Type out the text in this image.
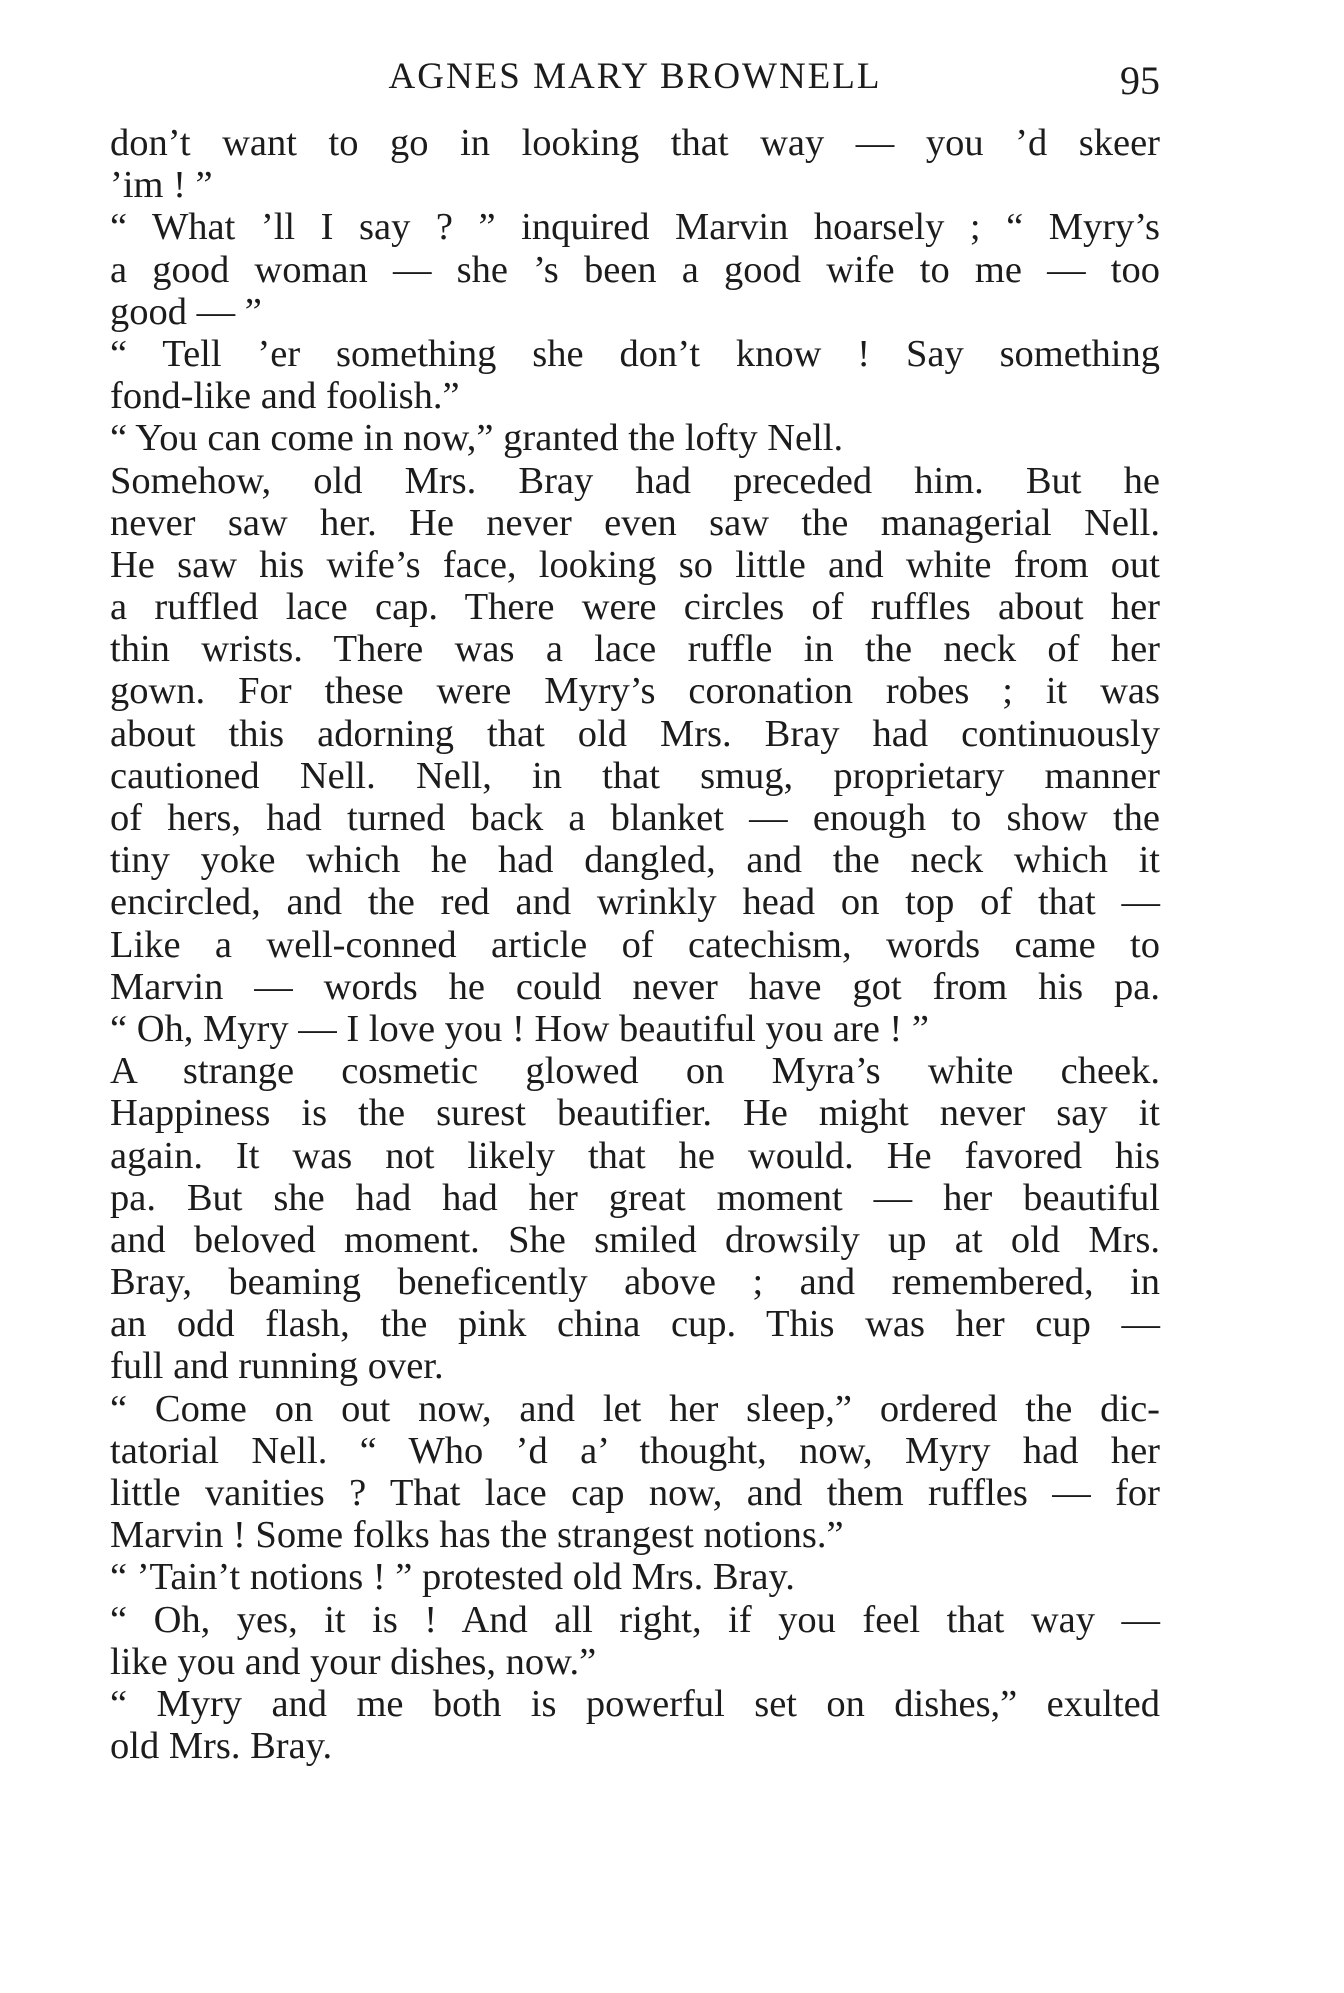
AGNES MARY BROWNELL	95
don’t want to go in looking that way — you ’d skeer
’im ! ”
“ What ’ll I say ? ” inquired Marvin hoarsely ; “ Myry’s
a good woman — she ’s been a good wife to me — too
good — ”
“ Tell ’er something she don’t know ! Say something
fond-like and foolish.”
“ You can come in now,” granted the lofty Nell.
Somehow, old Mrs. Bray had preceded him. But he
never saw her. He never even saw the managerial Nell.
He saw his wife’s face, looking so little and white from out
a ruffled lace cap. There were circles of ruffles about her
thin wrists. There was a lace ruffle in the neck of her
gown. For these were Myry’s coronation robes ; it was
about this adorning that old Mrs. Bray had continuously
cautioned Nell. Nell, in that smug, proprietary manner
of hers, had turned back a blanket — enough to show the
tiny yoke which he had dangled, and the neck which it
encircled, and the red and wrinkly head on top of that —
Like a well-conned article of catechism, words came to
Marvin — words he could never have got from his pa.
“ Oh, Myry — I love you ! How beautiful you are ! ”
A strange cosmetic glowed on Myra’s white cheek.
Happiness is the surest beautifier. He might never say it
again. It was not likely that he would. He favored his
pa. But she had had her great moment — her beautiful
and beloved moment. She smiled drowsily up at old Mrs.
Bray, beaming beneficently above ; and remembered, in
an odd flash, the pink china cup. This was her cup —
full and running over.
“ Come on out now, and let her sleep,” ordered the dic-
tatorial Nell. “ Who ’d a’ thought, now, Myry had her
little vanities ? That lace cap now, and them ruffles — for
Marvin ! Some folks has the strangest notions.”
“ ’Tain’t notions ! ” protested old Mrs. Bray.
“ Oh, yes, it is ! And all right, if you feel that way —
like you and your dishes, now.”
“ Myry and me both is powerful set on dishes,” exulted
old Mrs. Bray.
